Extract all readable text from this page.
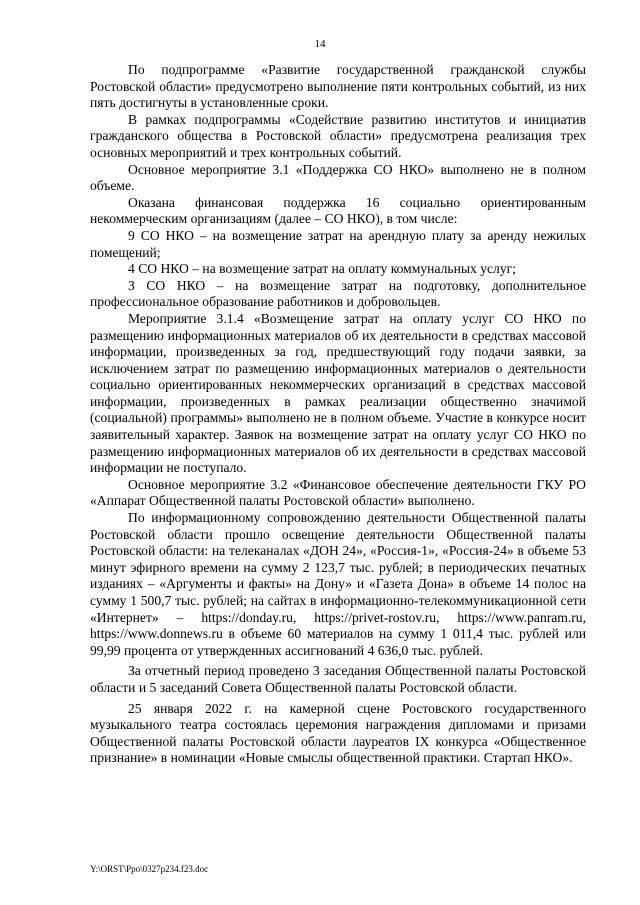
14

По подпрограмме «Развитие государственной гражданской службы Ростовской области» предусмотрено выполнение пяти контрольных событий, из них пять достигнуты в установленные сроки.

В рамках подпрограммы «Содействие развитию институтов и инициатив гражданского общества в Ростовской области» предусмотрена реализация трех основных мероприятий и трех контрольных событий.

Основное мероприятие 3.1 «Поддержка СО НКО» выполнено не в полном объеме.

Оказана финансовая поддержка 16 социально ориентированным некоммерческим организациям (далее – СО НКО), в том числе:

9 СО НКО – на возмещение затрат на арендную плату за аренду нежилых помещений;

4 СО НКО – на возмещение затрат на оплату коммунальных услуг;

3 СО НКО – на возмещение затрат на подготовку, дополнительное профессиональное образование работников и добровольцев.

Мероприятие 3.1.4 «Возмещение затрат на оплату услуг СО НКО по размещению информационных материалов об их деятельности в средствах массовой информации, произведенных за год, предшествующий году подачи заявки, за исключением затрат по размещению информационных материалов о деятельности социально ориентированных некоммерческих организаций в средствах массовой информации, произведенных в рамках реализации общественно значимой (социальной) программы» выполнено не в полном объеме. Участие в конкурсе носит заявительный характер. Заявок на возмещение затрат на оплату услуг СО НКО по размещению информационных материалов об их деятельности в средствах массовой информации не поступало.

Основное мероприятие 3.2 «Финансовое обеспечение деятельности ГКУ РО «Аппарат Общественной палаты Ростовской области» выполнено.

По информационному сопровождению деятельности Общественной палаты Ростовской области прошло освещение деятельности Общественной палаты Ростовской области: на телеканалах «ДОН 24», «Россия-1», «Россия-24» в объеме 53 минут эфирного времени на сумму 2 123,7 тыс. рублей; в периодических печатных изданиях – «Аргументы и факты» на Дону» и «Газета Дона» в объеме 14 полос на сумму 1 500,7 тыс. рублей; на сайтах в информационно-телекоммуникационной сети «Интернет» – https://donday.ru, https://privet-rostov.ru, https://www.panram.ru, https://www.donnews.ru в объеме 60 материалов на сумму 1 011,4 тыс. рублей или 99,99 процента от утвержденных ассигнований 4 636,0 тыс. рублей.

За отчетный период проведено 3 заседания Общественной палаты Ростовской области и 5 заседаний Совета Общественной палаты Ростовской области.

25 января 2022 г. на камерной сцене Ростовского государственного музыкального театра состоялась церемония награждения дипломами и призами Общественной палаты Ростовской области лауреатов IX конкурса «Общественное признание» в номинации «Новые смыслы общественной практики. Стартап НКО».

Y:\ORST\Ppo\0327p234.f23.doc
